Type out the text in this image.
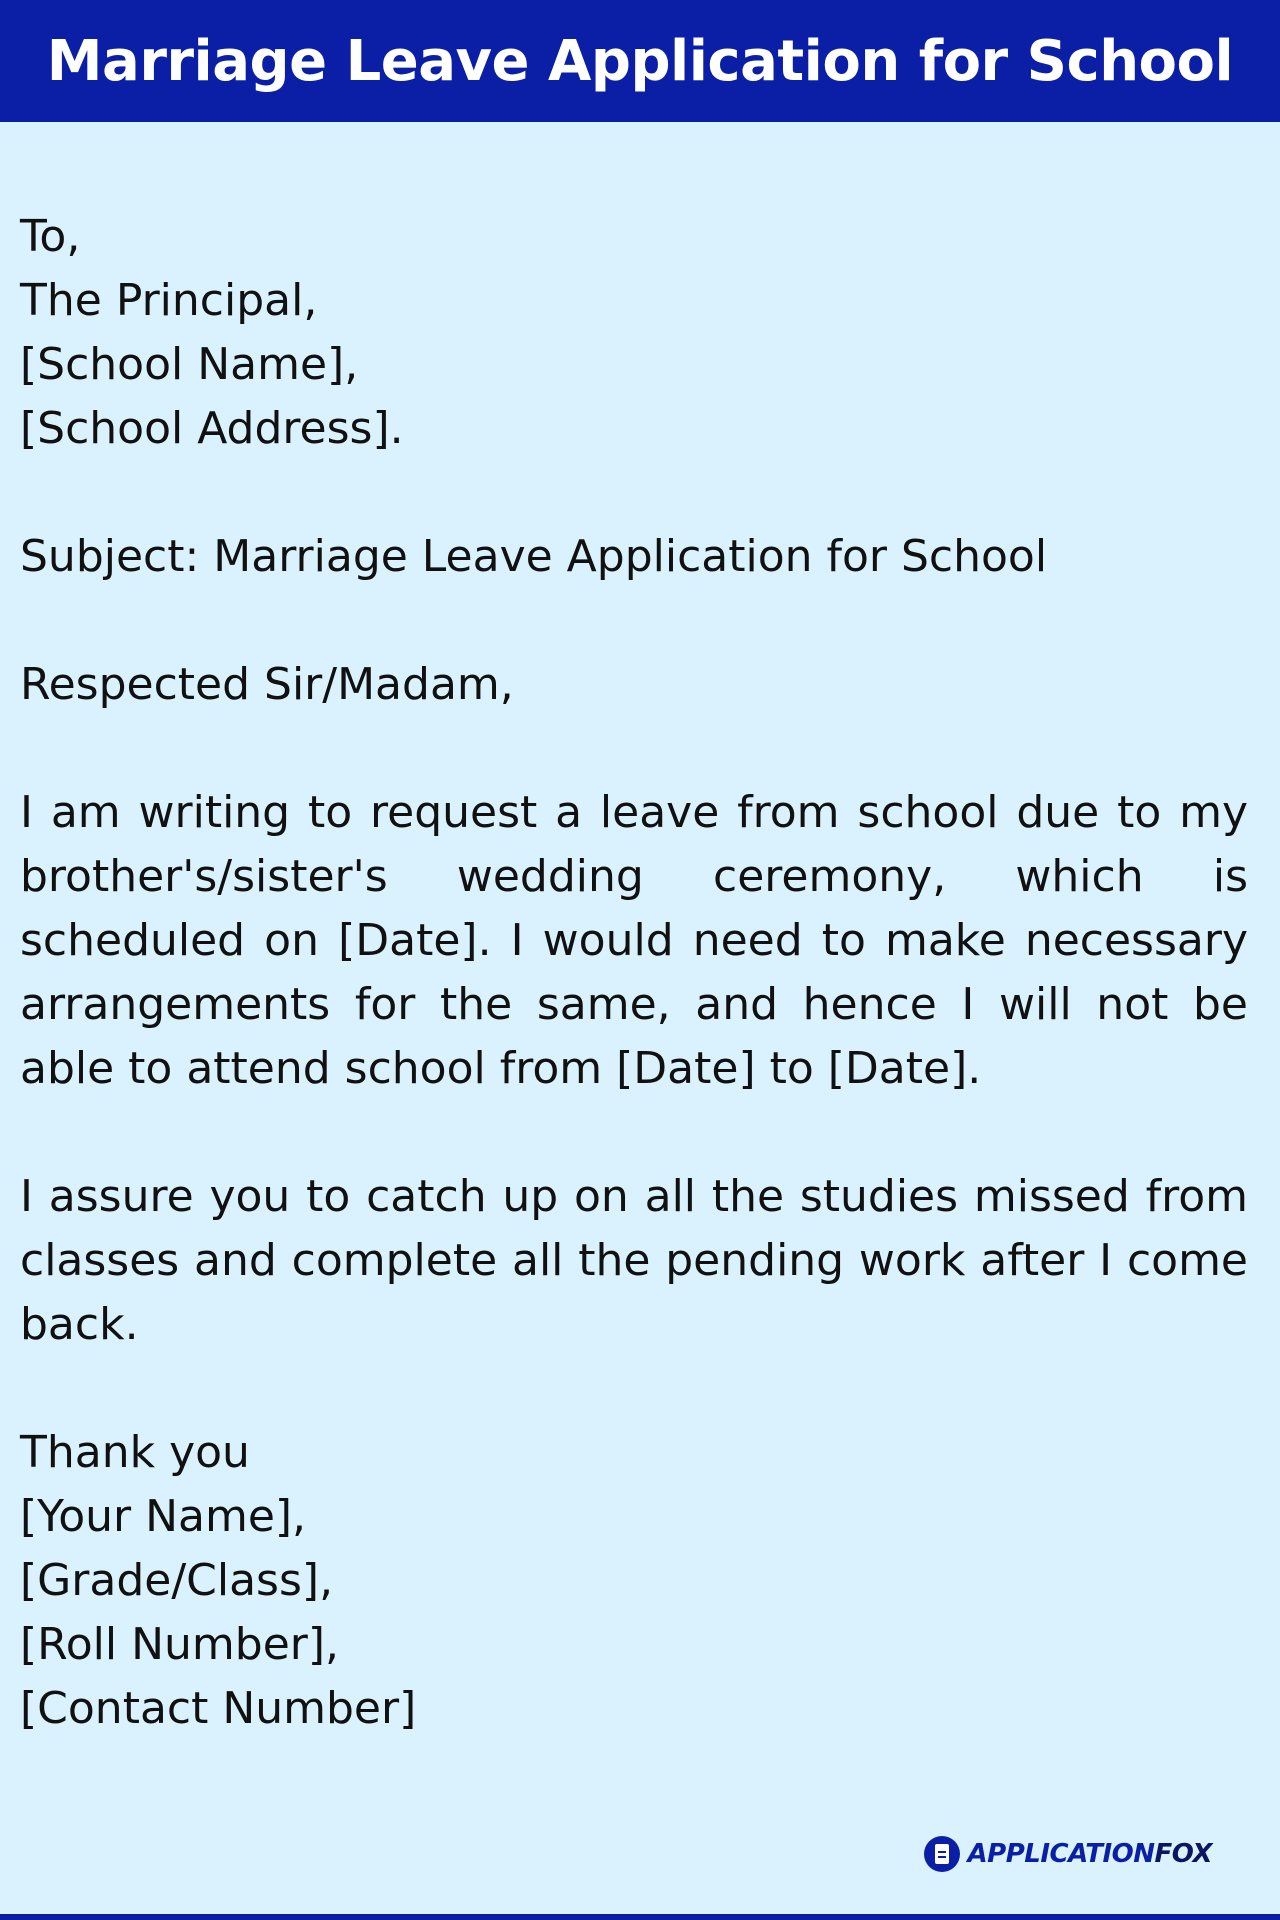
Marriage Leave Application for School
To,
The Principal,
[School Name],
[School Address].
Subject: Marriage Leave Application for School
Respected Sir/Madam,

I am writing to request a leave from school due to my brother's/sister's wedding ceremony, which is scheduled on [Date]. I would need to make necessary arrangements for the same, and hence I will not be able to attend school from [Date] to [Date].

I assure you to catch up on all the studies missed from classes and complete all the pending work after I come back.

Thank you
[Your Name],
[Grade/Class],
[Roll Number],
[Contact Number]
APPLICATIONFOX
